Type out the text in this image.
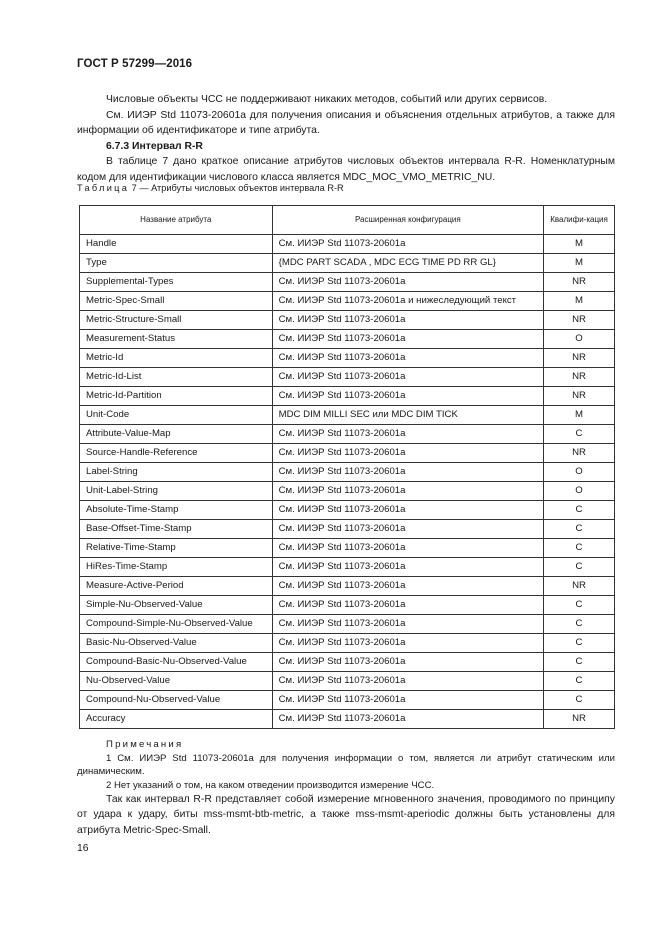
ГОСТ Р 57299—2016

Числовые объекты ЧСС не поддерживают никаких методов, событий или других сервисов.

См. ИИЭР Std 11073-20601а для получения описания и объяснения отдельных атрибутов, а также для информации об идентификаторе и типе атрибута.

6.7.3 Интервал R-R

В таблице 7 дано краткое описание атрибутов числовых объектов интервала R-R. Номенклатурным кодом для идентификации числового класса является MDC_MOC_VMO_METRIC_NU.

Таблица 7 — Атрибуты числовых объектов интервала R-R
Название атрибута	Расширенная конфигурация	Квалифи-кация
Handle	См. ИИЭР Std 11073-20601а	М
Type	{MDC PART SCADA , MDC ECG TIME PD RR GL}	М
Supplemental-Types	См. ИИЭР Std 11073-20601а	NR
Metric-Spec-Small	См. ИИЭР Std 11073-20601а и нижеследующий текст	М
Metric-Structure-Small	См. ИИЭР Std 11073-20601а	NR
Measurement-Status	См. ИИЭР Std 11073-20601а	О
Metric-Id	См. ИИЭР Std 11073-20601а	NR
Metric-Id-List	См. ИИЭР Std 11073-20601а	NR
Metric-Id-Partition	См. ИИЭР Std 11073-20601а	NR
Unit-Code	MDC DIM MILLI SEC или MDC DIM TICK	М
Attribute-Value-Map	См. ИИЭР Std 11073-20601а	С
Source-Handle-Reference	См. ИИЭР Std 11073-20601а	NR
Label-String	См. ИИЭР Std 11073-20601а	О
Unit-Label-String	См. ИИЭР Std 11073-20601а	О
Absolute-Time-Stamp	См. ИИЭР Std 11073-20601а	С
Base-Offset-Time-Stamp	См. ИИЭР Std 11073-20601а	С
Relative-Time-Stamp	См. ИИЭР Std 11073-20601а	С
HiRes-Time-Stamp	См. ИИЭР Std 11073-20601а	С
Measure-Active-Period	См. ИИЭР Std 11073-20601а	NR
Simple-Nu-Observed-Value	См. ИИЭР Std 11073-20601а	С
Compound-Simple-Nu-Observed-Value	См. ИИЭР Std 11073-20601а	С
Basic-Nu-Observed-Value	См. ИИЭР Std 11073-20601а	С
Compound-Basic-Nu-Observed-Value	См. ИИЭР Std 11073-20601а	С
Nu-Observed-Value	См. ИИЭР Std 11073-20601а	С
Compound-Nu-Observed-Value	См. ИИЭР Std 11073-20601а	С
Accuracy	См. ИИЭР Std 11073-20601а	NR

Примечания

1 См. ИИЭР Std 11073-20601а для получения информации о том, является ли атрибут статическим или динамическим.

2 Нет указаний о том, на каком отведении производится измерение ЧСС.

Так как интервал R-R представляет собой измерение мгновенного значения, проводимого по принципу от удара к удару, биты mss-msmt-btb-metric, а также mss-msmt-aperiodic должны быть установлены для атрибута Metric-Spec-Small.

16
